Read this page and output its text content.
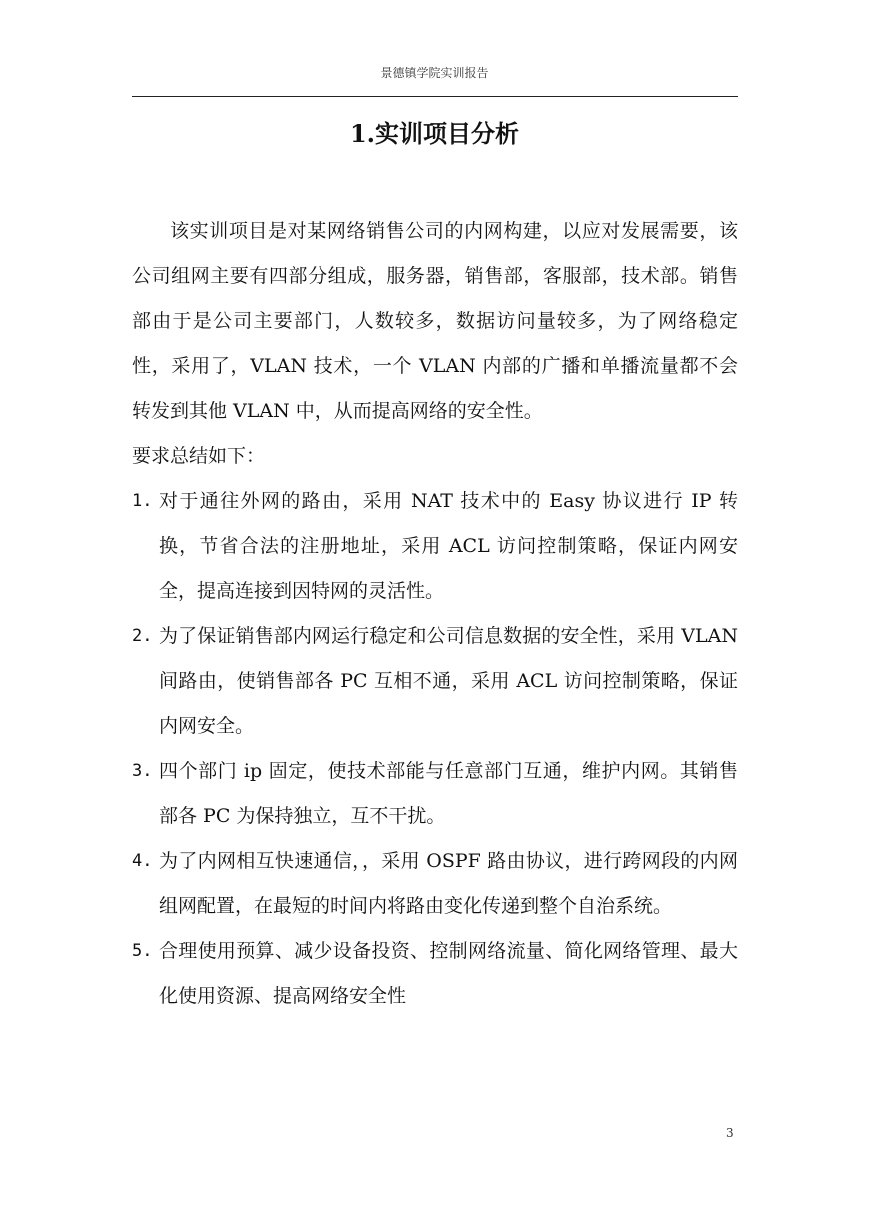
景德镇学院实训报告
1.实训项目分析

该实训项目是对某网络销售公司的内网构建，以应对发展需要，该公司组网主要有四部分组成，服务器，销售部，客服部，技术部。销售部由于是公司主要部门，人数较多，数据访问量较多，为了网络稳定性，采用了，VLAN 技术，一个 VLAN 内部的广播和单播流量都不会转发到其他 VLAN 中，从而提高网络的安全性。

要求总结如下：

1. 对于通往外网的路由，采用 NAT 技术中的 Easy 协议进行 IP 转换，节省合法的注册地址，采用 ACL 访问控制策略，保证内网安全，提高连接到因特网的灵活性。
2. 为了保证销售部内网运行稳定和公司信息数据的安全性，采用 VLAN 间路由，使销售部各 PC 互相不通，采用 ACL 访问控制策略，保证内网安全。
3. 四个部门 ip 固定，使技术部能与任意部门互通，维护内网。其销售部各 PC 为保持独立，互不干扰。
4. 为了内网相互快速通信，，采用 OSPF 路由协议，进行跨网段的内网组网配置，在最短的时间内将路由变化传递到整个自治系统。
5. 合理使用预算、减少设备投资、控制网络流量、简化网络管理、最大化使用资源、提高网络安全性
3
